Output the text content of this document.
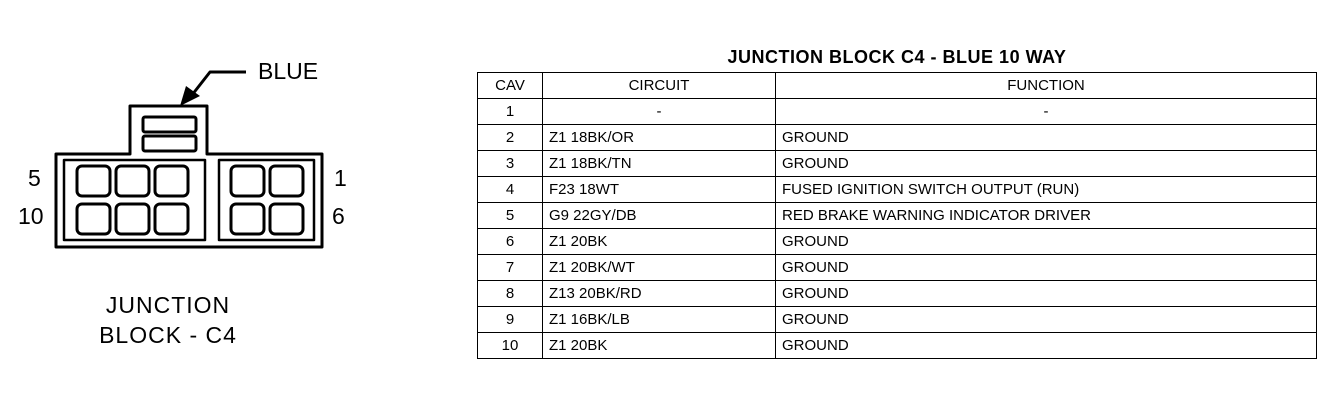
BLUE
5
10
1
6
JUNCTION
BLOCK - C4
JUNCTION BLOCK C4 - BLUE 10 WAY
CAV	CIRCUIT	FUNCTION
1	-	-
2	Z1 18BK/OR	GROUND
3	Z1 18BK/TN	GROUND
4	F23 18WT	FUSED IGNITION SWITCH OUTPUT (RUN)
5	G9 22GY/DB	RED BRAKE WARNING INDICATOR DRIVER
6	Z1 20BK	GROUND
7	Z1 20BK/WT	GROUND
8	Z13 20BK/RD	GROUND
9	Z1 16BK/LB	GROUND
10	Z1 20BK	GROUND
